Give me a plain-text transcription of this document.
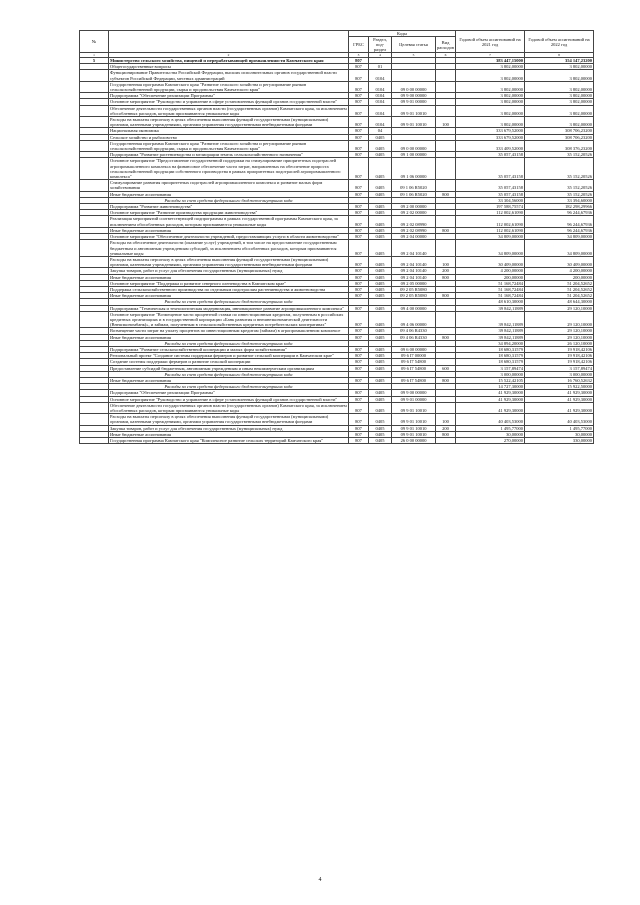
№		Коды				Годовой объем ассигнований на 2021 год	Годовой объем ассигнований на 2022 год
		ГРБС	Раздел, под-раздел	Целевая статья	Вид расходов		
1	2	3	4	5	6	7	8
5	Министерство сельского хозяйства, пищевой и перерабатывающей промышленности Камчатского края	807				383 447,15000	354 147,23200
	Общегосударственные вопросы	807	01			3 802,00000	3 802,00000
	Функционирование Правительства Российской Федерации, высших исполнительных органов государственной власти субъектов Российской Федерации, местных администраций	807	0104			3 802,00000	3 802,00000
	Государственная программа Камчатского края "Развитие сельского хозяйства и регулирование рынков сельскохозяйственной продукции, сырья и продовольствия Камчатского края"	807	0104	09 0 00 00000		3 802,00000	3 802,00000
	Подпрограмма "Обеспечение реализации Программы"	807	0104	09 9 00 00000		3 802,00000	3 802,00000
	Основное мероприятие "Руководство и управление в сфере установленных функций органов государственной власти"	807	0104	09 9 01 00000		3 802,00000	3 802,00000
	Обеспечение деятельности государственных органов власти (государственных органов) Камчатского края, за исключением обособленных расходов, которым присваиваются уникальные коды	807	0104	09 9 01 10010		3 802,00000	3 802,00000
	Расходы на выплаты персоналу в целях обеспечения выполнения функций государственными (муниципальными) органами, казенными учреждениями, органами управления государственными внебюджетными фондами	807	0104	09 9 01 10010	100	3 802,00000	3 802,00000
	Национальная экономика	807	04			333 679,52000	308 706,23200
	Сельское хозяйство и рыболовство	807	0405			333 679,52000	308 706,23200
	Государственная программа Камчатского края "Развитие сельского хозяйства и регулирование рынков сельскохозяйственной продукции, сырья и продовольствия Камчатского края"	807	0405	09 0 00 00000		333 409,52000	308 376,23200
	Подпрограмма "Развитие растениеводства и мелиорации земель сельскохозяйственного назначения"	807	0405	09 1 00 00000		35 057,43158	35 152,20526
	Основное мероприятие "Предоставление государственной поддержки на стимулирование приоритетных подотраслей агропромышленного комплекса на финансовое обеспечение части затрат, направленных на обеспечение прироста сельскохозяйственной продукции собственного производства в рамках приоритетных подотраслей агропромышленного комплекса"	807	0405	09 1 06 00000		35 057,43158	35 152,20526
	Стимулирование развития приоритетных подотраслей агропромышленного комплекса и развитие малых форм хозяйствования	807	0405	09 1 06 R5020		35 057,43158	35 152,20526
	Иные бюджетные ассигнования	807	0405	09 1 06 R5020	800	35 057,43158	35 152,20526
	Расходы за счет средств федерального бюджета-внутриних кода					33 304,56000	33 394,60000
	Подпрограмма "Развитие животноводства"	807	0405	09 2 00 00000		197 588,75574	182 298,29966
	Основное мероприятие "Развитие производства продукции животноводства"	807	0405	09 2 02 00000		112 002,61090	96 244,67936
	Реализация мероприятий соответствующей подпрограммы в рамках государственной программы Камчатского края, за исключением обособленных расходов, которым присваиваются уникальные коды	807	0405	09 2 02 08990		112 002,61090	96 244,67936
	Иные бюджетные ассигнования	807	0405	09 2 02 08990	800	112 002,61090	96 244,67936
	Основное мероприятие "Обеспечение деятельности учреждений, предоставляющих услуги в области животноводства"	807	0405	09 2 04 00000		34 809,00000	34 809,00000
	Расходы на обеспечение деятельности (оказание услуг) учреждений, в том числе на предоставление государственным бюджетным и автономным учреждениям субсидий, за исключением обособленных расходов, которым присваиваются уникальные коды	807	0405	09 2 04 10140		34 809,00000	34 809,00000
	Расходы на выплаты персоналу в целях обеспечения выполнения функций государственными (муниципальными) органами, казенными учреждениями, органами управления государственными внебюджетными фондами	807	0405	09 2 04 10140	100	30 409,00000	30 409,00000
	Закупка товаров, работ и услуг для обеспечения государственных (муниципальных) нужд	807	0405	09 2 04 10140	200	4 200,00000	4 200,00000
	Иные бюджетные ассигнования	807	0405	09 2 04 10140	800	200,00000	200,00000
	Основное мероприятие "Поддержка и развитие северного оленеводства в Камчатском крае"	807	0405	09 2 05 00000		51 168,72484	51 204,52652
	Поддержка сельскохозяйственного производства по отдельным подотраслям растениеводства и животноводства	807	0405	09 2 05 R5080		51 168,72484	51 204,52652
	Иные бюджетные ассигнования	807	0405	09 2 05 R5080	800	51 168,72484	51 204,52652
	Расходы за счет средств федерального бюджета-внутриних кода					48 610,30000	48 644,30000
	Подпрограмма "Техническая и технологическая модернизация, инновационное развитие агропромышленного комплекса"	807	0405	09 4 00 00000		39 842,11889	29 120,10000
	Основное мероприятие "Возмещение части процентной ставки по инвестиционным кредитам, полученным в российских кредитных организациях и в государственной корпорации «Банк развития и внешнеэкономической деятельности (Внешэкономбанк)», и займам, полученным в сельскохозяйственных кредитных потребительских кооперативах"	807	0405	09 4 06 00000		39 842,11889	29 120,10000
	Возмещение части затрат на уплату процентов по инвестиционным кредитам (займам) в агропромышленном комплексе	807	0405	09 4 06 R4330		39 842,11889	29 120,10000
	Иные бюджетные ассигнования	807	0405	09 4 06 R4330	800	39 842,11889	29 120,10000
	Расходы за счет средств федерального бюджета-внутриних кода					34 894,20000	26 120,10000
	Подпрограмма "Развитие сельскохозяйственной кооперации и малых форм хозяйствования"	807	0405	09 6 00 00000		18 680,31579	19 918,42106
	Региональный проект "Создание системы поддержки фермеров и развитие сельской кооперации в Камчатском крае"	807	0405	09 6 I7 00000		18 680,31579	19 918,42106
	Создание системы поддержки фермеров и развитие сельской кооперации	807	0405	09 6 I7 54800		18 680,31579	19 918,42106
	Предоставление субсидий бюджетным, автономным учреждениям и иным некоммерческим организациям	807	0405	09 6 I7 54800	600	3 157,89474	3 157,89474
	Расходы за счет средств федерального бюджета-внутриних кода					3 000,00000	3 000,00000
	Иные бюджетные ассигнования	807	0405	09 6 I7 54800	800	15 522,42105	16 760,52632
	Расходы за счет средств федерального бюджета-внутриних кода					14 727,30000	15 922,50000
	Подпрограмма "Обеспечение реализации Программы"	807	0405	09 9 00 00000		41 929,30000	41 929,30000
	Основное мероприятие "Руководство и управление в сфере установленных функций органов государственной власти"	807	0405	09 9 01 00000		41 929,30000	41 929,30000
	Обеспечение деятельности государственных органов власти (государственных органов) Камчатского края, за исключением обособленных расходов, которым присваиваются уникальные коды	807	0405	09 9 01 10010		41 929,30000	41 929,30000
	Расходы на выплаты персоналу в целях обеспечения выполнения функций государственными (муниципальными) органами, казенными учреждениями, органами управления государственными внебюджетными фондами	807	0405	09 9 01 10010	100	40 403,53000	40 403,53000
	Закупка товаров, работ и услуг для обеспечения государственных (муниципальных) нужд	807	0405	09 9 01 10010	200	1 495,77000	1 495,77000
	Иные бюджетные ассигнования	807	0405	09 9 01 10010	800	30,00000	30,00000
	Государственная программа Камчатского края "Комплексное развитие сельских территорий Камчатского края"	807	0405	26 0 00 00000		270,00000	330,00000
4
